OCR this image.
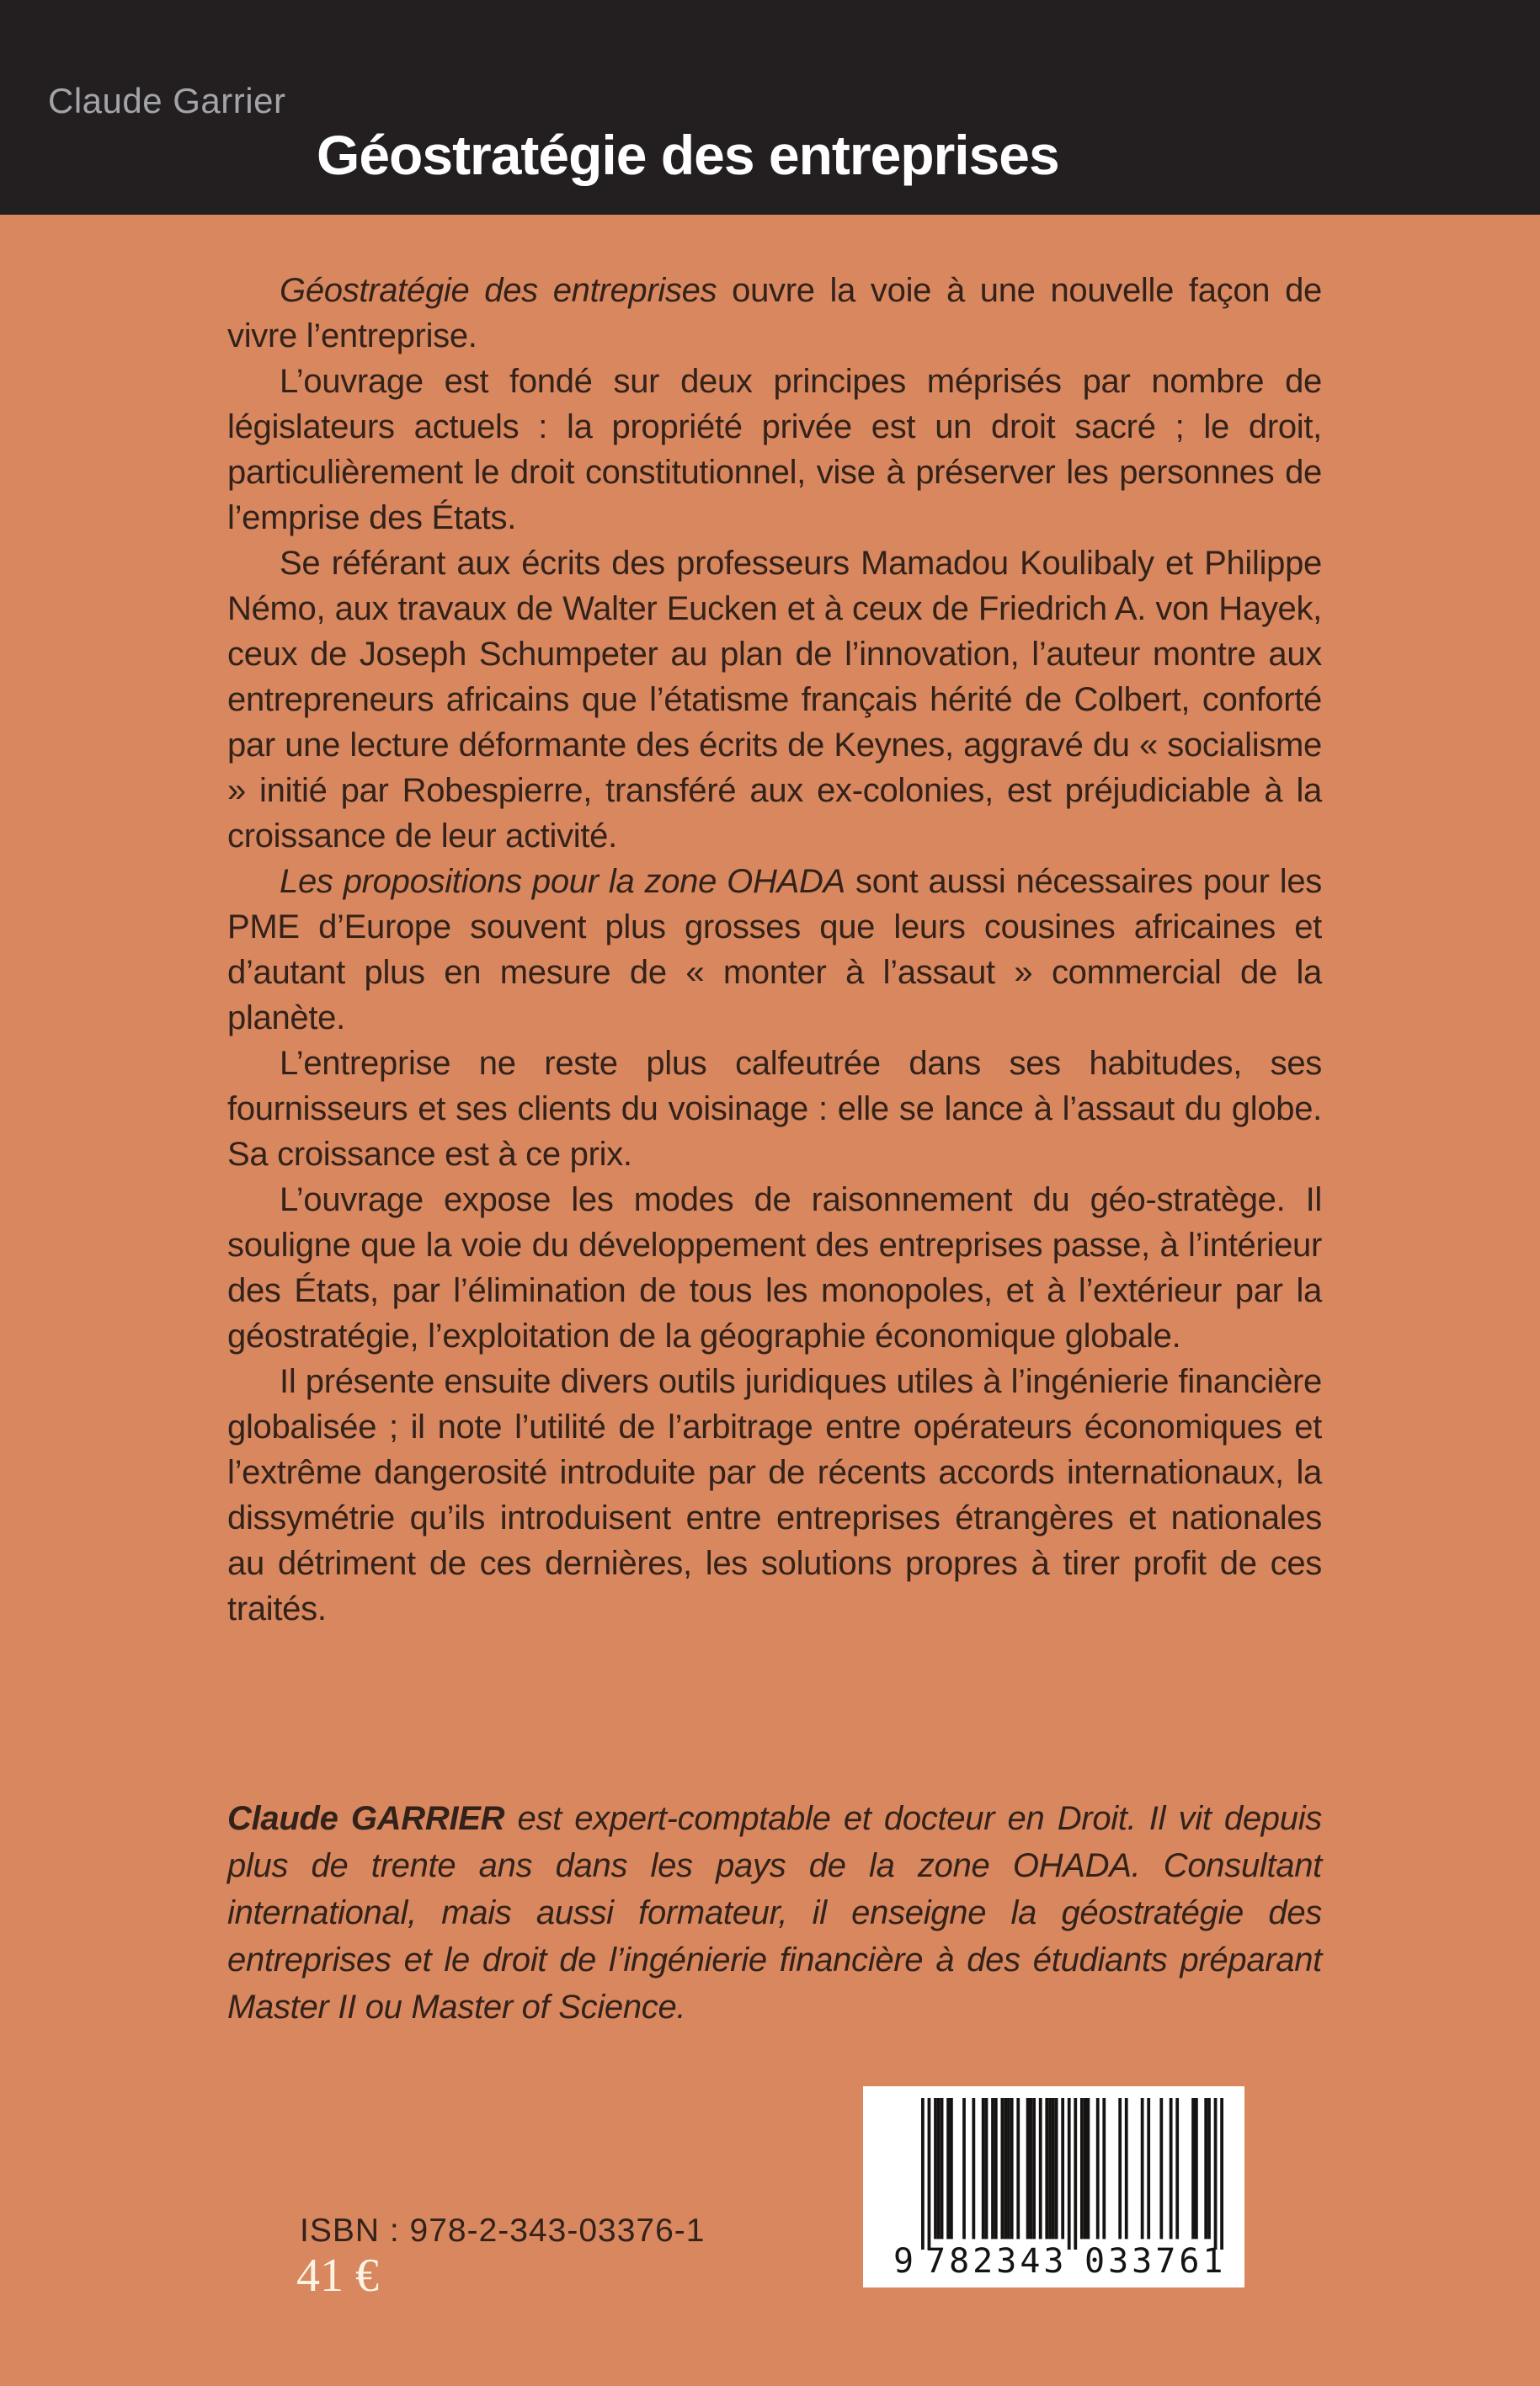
Claude Garrier
Géostratégie des entreprises

Géostratégie des entreprises ouvre la voie à une nouvelle façon de vivre l’entreprise.

L’ouvrage est fondé sur deux principes méprisés par nombre de législateurs actuels : la propriété privée est un droit sacré ; le droit, particulièrement le droit constitutionnel, vise à préserver les personnes de l’emprise des États.

Se référant aux écrits des professeurs Mamadou Koulibaly et Philippe Némo, aux travaux de Walter Eucken et à ceux de Friedrich A. von Hayek, ceux de Joseph Schumpeter au plan de l’innovation, l’auteur montre aux entrepreneurs africains que l’étatisme français hérité de Colbert, conforté par une lecture déformante des écrits de Keynes, aggravé du « socialisme » initié par Robespierre, transféré aux ex-colonies, est préjudiciable à la croissance de leur activité.

Les propositions pour la zone OHADA sont aussi nécessaires pour les PME d’Europe souvent plus grosses que leurs cousines africaines et d’autant plus en mesure de « monter à l’assaut » commercial de la planète.

L’entreprise ne reste plus calfeutrée dans ses habitudes, ses fournisseurs et ses clients du voisinage : elle se lance à l’assaut du globe. Sa croissance est à ce prix.

L’ouvrage expose les modes de raisonnement du géo-stratège. Il souligne que la voie du développement des entreprises passe, à l’intérieur des États, par l’élimination de tous les monopoles, et à l’extérieur par la géostratégie, l’exploitation de la géographie économique globale.

Il présente ensuite divers outils juridiques utiles à l’ingénierie financière globalisée ; il note l’utilité de l’arbitrage entre opérateurs économiques et l’extrême dangerosité introduite par de récents accords internationaux, la dissymétrie qu’ils introduisent entre entreprises étrangères et nationales au détriment de ces dernières, les solutions propres à tirer profit de ces traités.

Claude GARRIER est expert-comptable et docteur en Droit. Il vit depuis plus de trente ans dans les pays de la zone OHADA. Consultant international, mais aussi formateur, il enseigne la géostratégie des entreprises et le droit de l’ingénierie financière à des étudiants préparant Master II ou Master of Science.

ISBN : 978-2-343-03376-1
41 €	9 782343 033761
